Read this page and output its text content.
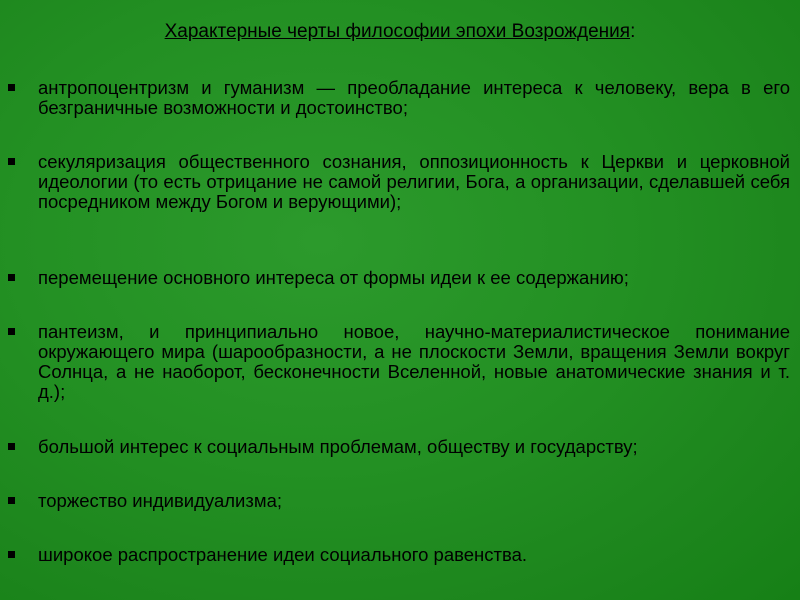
Характерные черты философии эпохи Возрождения:
антропоцентризм и гуманизм — преобладание интереса к человеку, вера в его безграничные возможности и достоинство;
секуляризация общественного сознания, оппозиционность к Церкви и церковной идеологии (то есть отрицание не самой религии, Бога, а организации, сделавшей себя посредником между Богом и верующими);
перемещение основного интереса от формы идеи к ее содержанию;
пантеизм, и принципиально новое, научно-материалистическое понимание окружающего мира (шарообразности, а не плоскости Земли, вращения Земли вокруг Солнца, а не наоборот, бесконечности Вселенной, новые анатомические знания и т. д.);
большой интерес к социальным проблемам, обществу и государству;
торжество индивидуализма;
широкое распространение идеи социального равенства.
